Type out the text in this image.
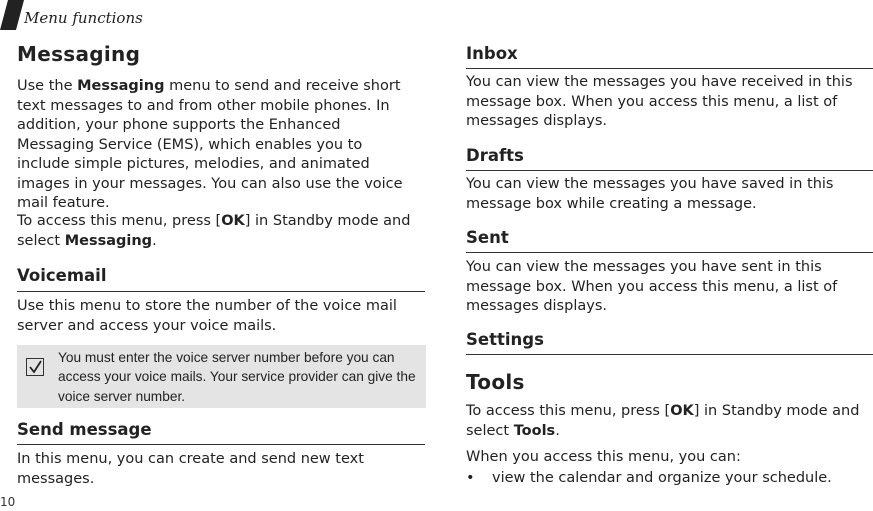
Menu functions
Messaging
Use the Messaging menu to send and receive short text messages to and from other mobile phones. In addition, your phone supports the Enhanced Messaging Service (EMS), which enables you to include simple pictures, melodies, and animated images in your messages. You can also use the voice mail feature.
To access this menu, press [OK] in Standby mode and select Messaging.
Voicemail
Use this menu to store the number of the voice mail server and access your voice mails.
You must enter the voice server number before you can access your voice mails. Your service provider can give the voice server number.
Send message
In this menu, you can create and send new text messages.
10
Inbox
You can view the messages you have received in this message box. When you access this menu, a list of messages displays.
Drafts
You can view the messages you have saved in this message box while creating a message.
Sent
You can view the messages you have sent in this message box. When you access this menu, a list of messages displays.
Settings
Tools
To access this menu, press [OK] in Standby mode and select Tools.
When you access this menu, you can:
• view the calendar and organize your schedule.
